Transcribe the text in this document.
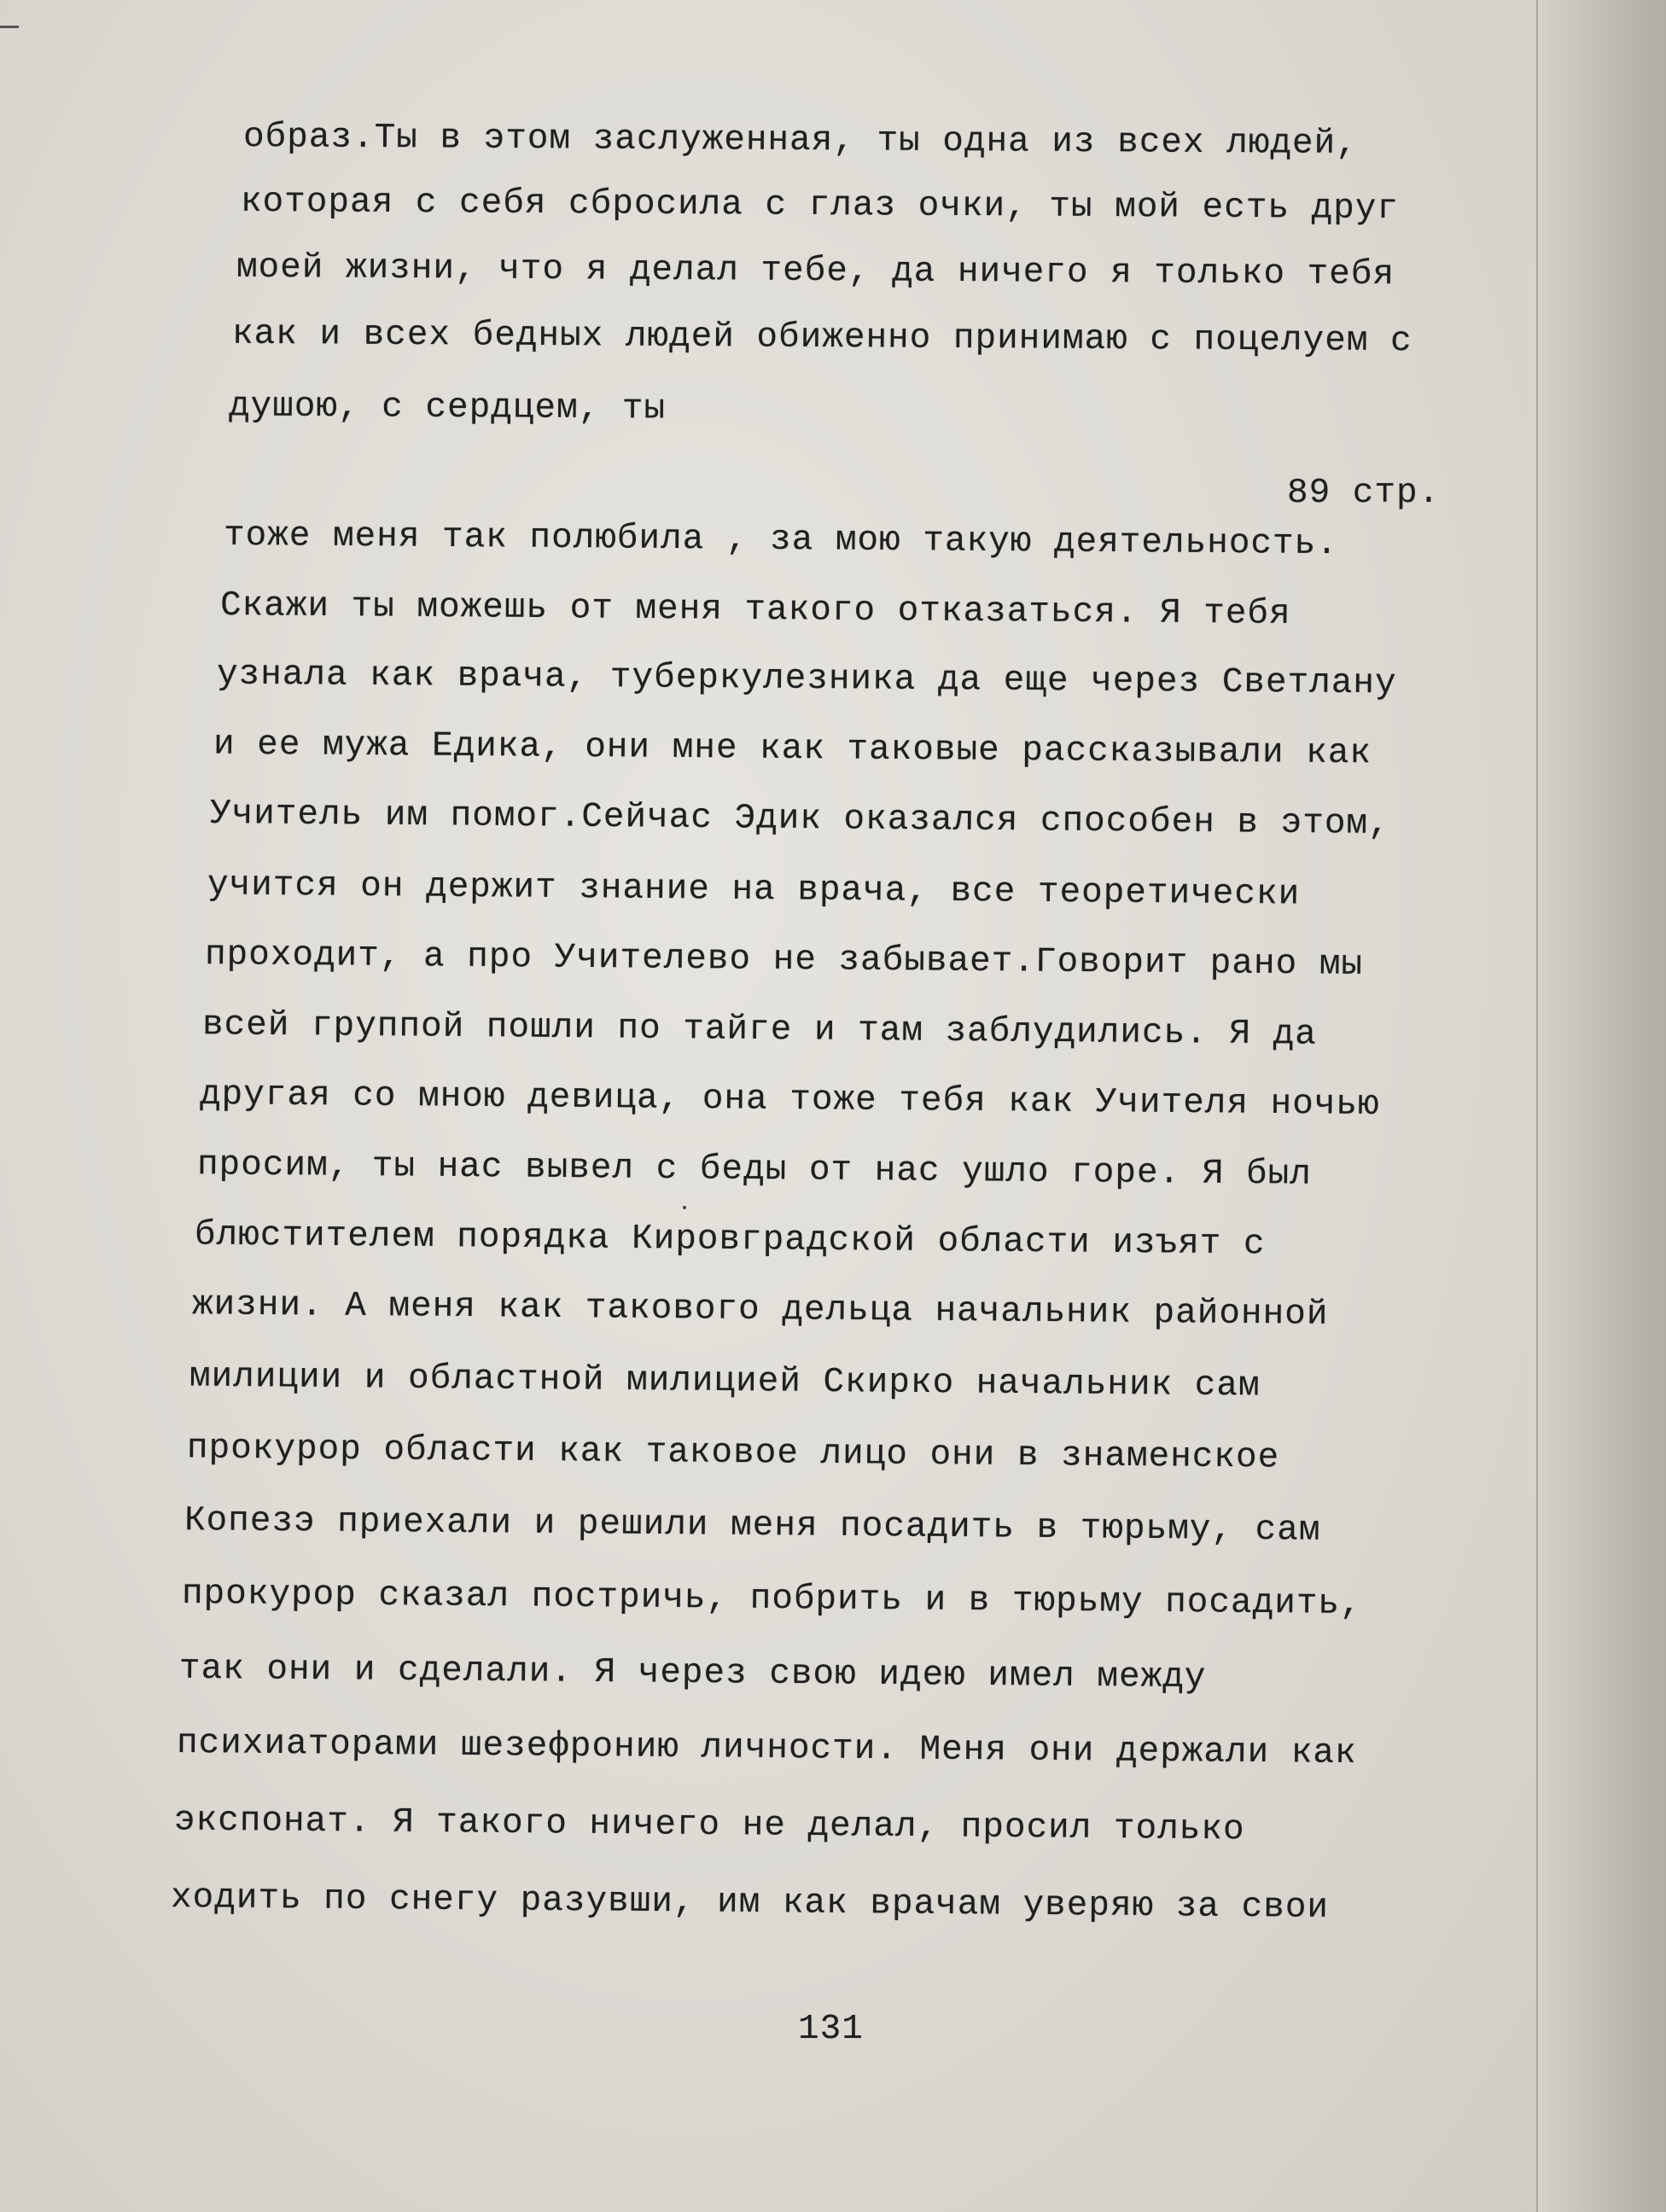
образ.Ты в этом заслуженная, ты одна из всех людей,
которая с себя сбросила с глаз очки, ты мой есть друг
моей жизни, что я делал тебе, да ничего я только тебя
как и всех бедных людей обиженно принимаю с поцелуем с
душою, с сердцем, ты
89 стр.
тоже меня так полюбила , за мою такую деятельность.
Скажи ты можешь от меня такого отказаться. Я тебя
узнала как врача, туберкулезника да еще через Светлану
и ее мужа Едика, они мне как таковые рассказывали как
Учитель им помог.Сейчас Эдик оказался способен в этом,
учится он держит знание на врача, все теоретически
проходит, а про Учителево не забывает.Говорит рано мы
всей группой пошли по тайге и там заблудились. Я да
другая со мною девица, она тоже тебя как Учителя ночью
просим, ты нас вывел с беды от нас ушло горе. Я был
блюстителем порядка Кировградской области изъят с
жизни. А меня как такового дельца начальник районной
милиции и областной милицией Скирко начальник сам
прокурор области как таковое лицо они в знаменское
Копезэ приехали и решили меня посадить в тюрьму, сам
прокурор сказал постричь, побрить и в тюрьму посадить,
так они и сделали. Я через свою идею имел между
психиаторами шезефронию личности. Меня они держали как
экспонат. Я такого ничего не делал, просил только
ходить по снегу разувши, им как врачам уверяю за свои
131
